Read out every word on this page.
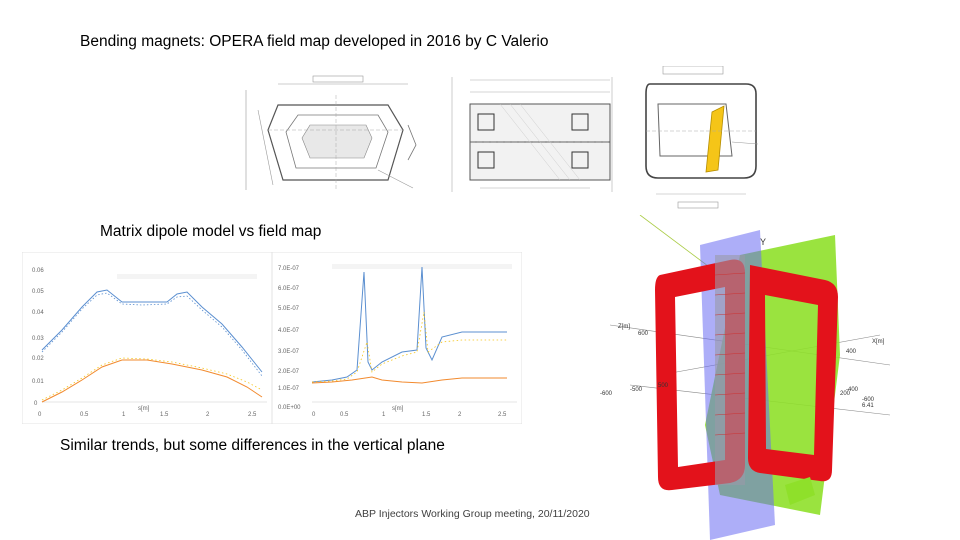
Bending magnets: OPERA field map developed in 2016 by C Valerio
Matrix dipole model vs field map
0.06
0.05
0.04
0.03
0.02
0.01
0
0	0.5	1	1.5	2	2.5
s[m]
7.0E-07
6.0E-07
5.0E-07
4.0E-07
3.0E-07
2.0E-07
1.0E-07
0.0E+00
0	0.5	1	1.5	2	2.5
s[m]
Similar trends, but some differences in the vertical plane
Y
Z[m]
X[m]
600
400
200
500
-600
-500	-400
-600
6.41
ABP Injectors Working Group meeting, 20/11/2020
